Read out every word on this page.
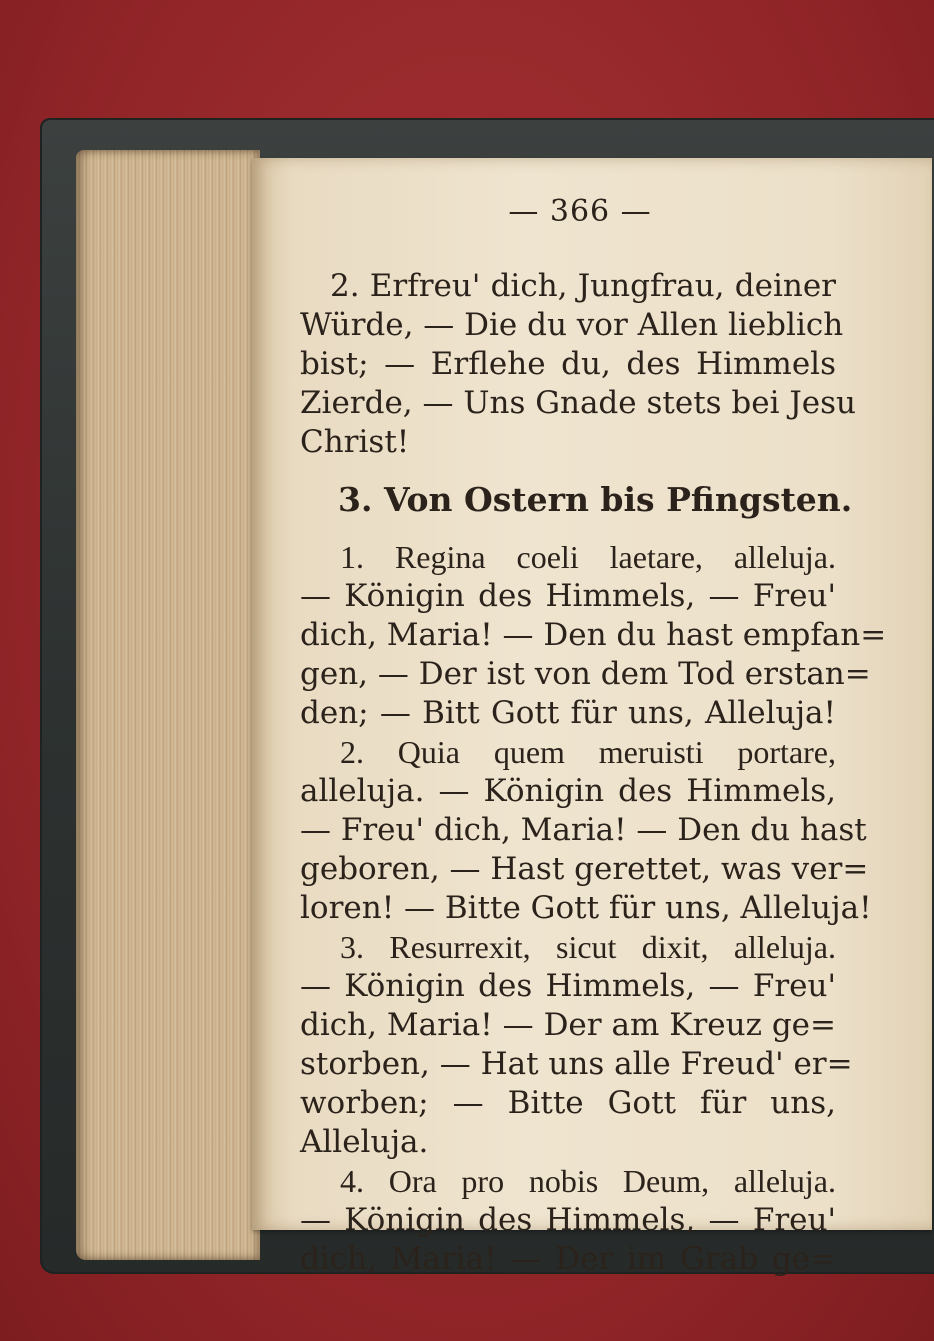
— 366 —
2. Erfreu' dich, Jungfrau, deiner
Würde, — Die du vor Allen lieblich
bist; — Erflehe du, des Himmels
Zierde, — Uns Gnade stets bei Jesu
Christ!
3. Von Ostern bis Pfingsten.
1. Regina coeli laetare, alleluja.
— Königin des Himmels, — Freu'
dich, Maria! — Den du hast empfan=
gen, — Der ist von dem Tod erstan=
den; — Bitt Gott für uns, Alleluja!
2. Quia quem meruisti portare,
alleluja. — Königin des Himmels,
— Freu' dich, Maria! — Den du hast
geboren, — Hast gerettet, was ver=
loren! — Bitte Gott für uns, Alleluja!
3. Resurrexit, sicut dixit, alleluja.
— Königin des Himmels, — Freu'
dich, Maria! — Der am Kreuz ge=
storben, — Hat uns alle Freud' er=
worben; — Bitte Gott für uns,
Alleluja.
4. Ora pro nobis Deum, alleluja.
— Königin des Himmels, — Freu'
dich, Maria! — Der im Grab ge=
